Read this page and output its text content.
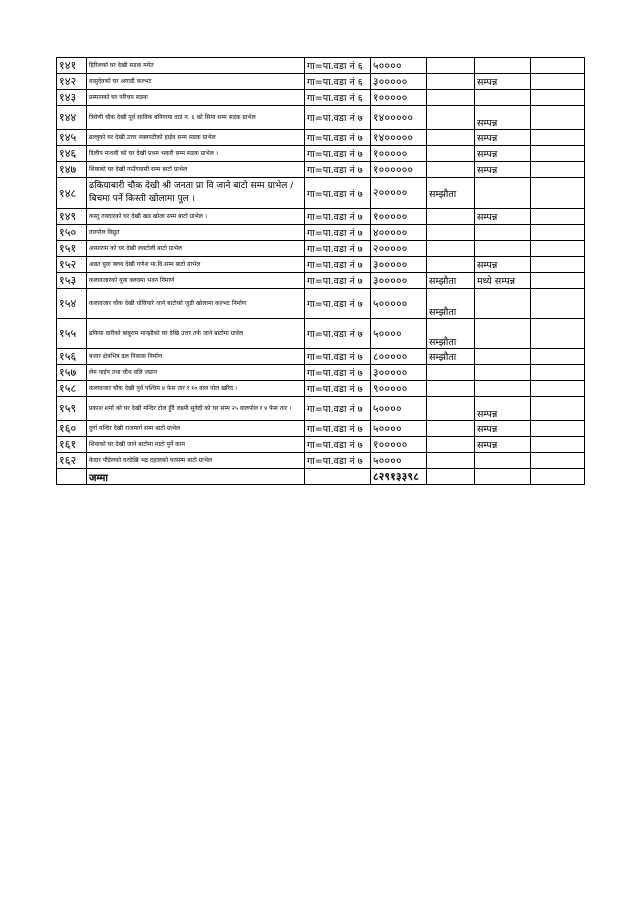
१४१	हिरिलको घर देखी सडक ममेत	गा=पा.वडा नं ६	५००००			
१४२	वासुदेवको घर अगाडी कल्भट	गा=पा.वडा नं ६	३०००००		सम्पन्न	
१४३	प्रस्मानको घर परिचय सडक	गा=पा.वडा नं ६	१०००००			
१४४	त्रिवेणी चौक देखी पूर्व साविक बनिगामा वाडं न. ६ को सिमा सम्म सडक ग्राभेल	गा=पा.वडा नं ७	१४०००००		सम्पन्न	
१४५	ढल्लुको घर देखी उत्तर नक्वपटीको हाईव सम्म सडक ग्राभेल	गा=पा.वडा नं ७	१४०००००		सम्पन्न	
१४६	दिलीप माथवी को घर देखी प्रथम भकरी सम्म सडक ग्राभेल ।	गा=पा.वडा नं ७	१०००००		सम्पन्न	
१४७	शिवाको घर देखी गाउँगवासी सम्म बाटो ग्राभेल	गा=पा.वडा नं ७	१००००००		सम्पन्न	
१४८	ढकियाबारी चौक देखी श्री जनता प्रा वि जाने बाटो सम्म ग्राभेल / बिचमा पर्ने किस्ती खोलामा पुल ।	गा=पा.वडा नं ७	२०००००	सम्झौता		
१४९	कस्तु तवदारको घर देखी खड खोला सम्म बाटो ग्राभेल ।	गा=पा.वडा नं ७	१०००००		सम्पन्न	
१५०	तारपोल विद्युत	गा=पा.वडा नं ७	४०००००			
१५१	आसाराम को घर देखी लवटोली बाटो ग्राभेल	गा=पा.वडा नं ७	२०००००			
१५२	अन्नत युवा क्लव देखी गणेश मा.वि.सम्म बाटो ग्राभेल	गा=पा.वडा नं ७	३०००००		सम्पन्न	
१५३	कलावजारको युवा क्लवमा भवन निमार्ण	गा=पा.वडा नं ७	३०००००	सम्झौता	मध्ये सम्पन्न	
१५४	कलावजार चौक देखी धोवियारे जाने बाटोको जुडी खोलामा कल्भट निर्माण	गा=पा.वडा नं ७	५०००००	सम्झौता		
१५५	ढकिया वारीको बाबुराम मान्झीको घर देखि उत्तर तर्फ जाने बाटोमा ग्रावेल	गा=पा.वडा नं ७	५००००	सम्झौता		
१५६	बजार क्षेत्रभित्र ढल निकास निर्माण	गा=पा.वडा नं ७	८०००००	सम्झौता		
१५७	लेम पाईप तथा चौथ वलि जडान	गा=पा.वडा नं ७	३०००००			
१५८	कलावजार चौक देखी पुर्व पश्चिम ४ फेस तार र १० वाल पोल खरिद ।	गा=पा.वडा नं ७	९०००००			
१५९	प्रकाश शर्मा को घर देखी मन्दिर टोल हुँदै लक्ष्मी सुवेदी को घर सम्म २५ वालपोल र ४ फेस तार ।	गा=पा.वडा नं ७	५००००		सम्पन्न	
१६०	दुर्गा मन्दिर देखी राजमार्ग सम्म बाटो ग्राभेल	गा=पा.वडा नं ७	५००००		सम्पन्न	
१६१	शिवाको घर देखी जाने बाटोमा माटो पुर्ने काम	गा=पा.वडा नं ७	१०००००		सम्पन्न	
१६२	केदार पौडेलको घरदेखि भद्र दहालको घरसम्म बाटो ग्राभेल	गा=पा.वडा नं ७	५००००			
	जम्मा		८२९१३३९८			
